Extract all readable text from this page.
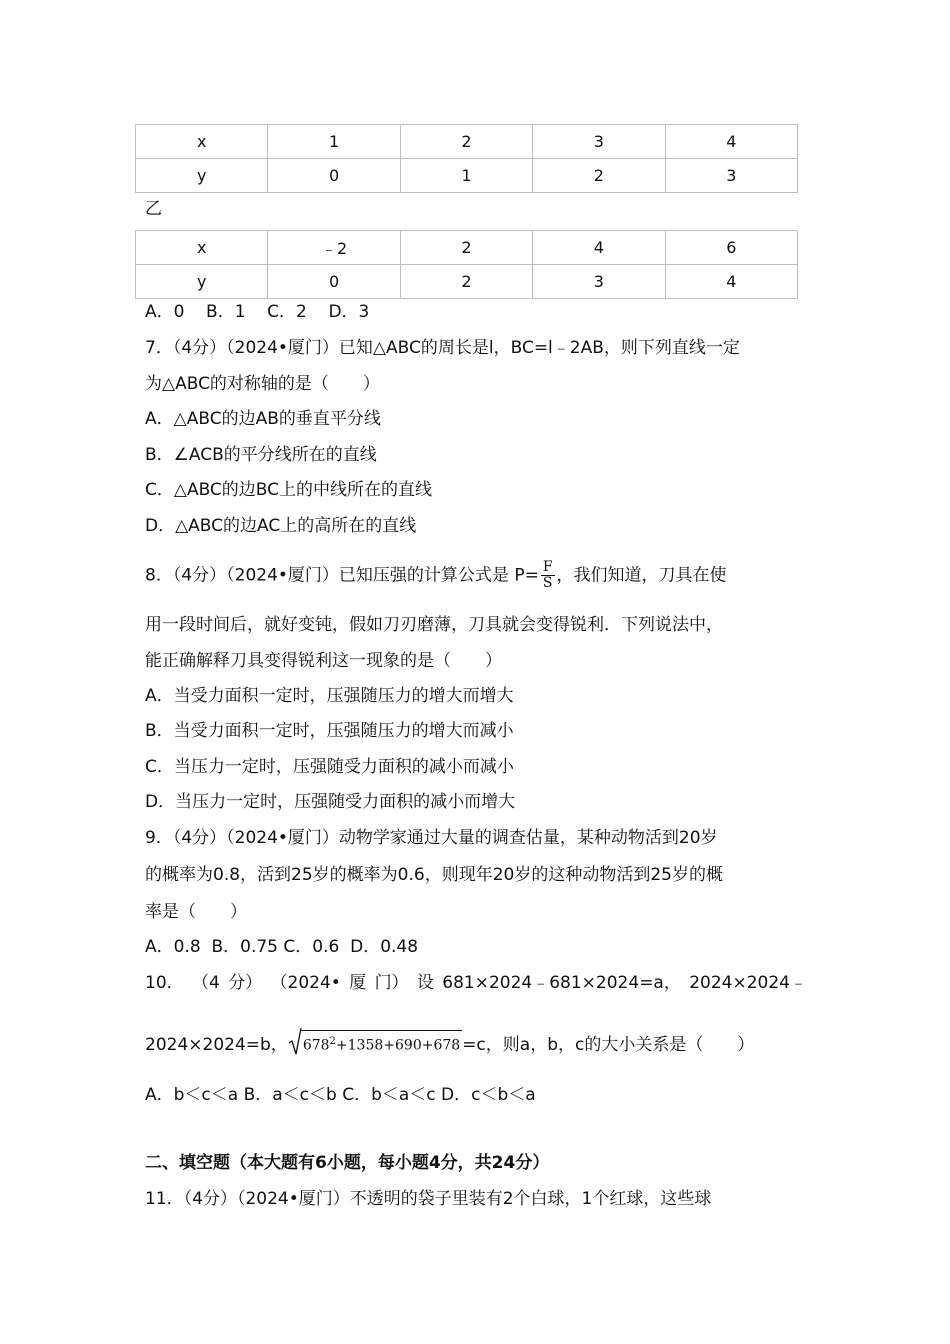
x	1	2	3	4
y	0	1	2	3
乙
x	﹣2	2	4	6
y	0	2	3	4
A．0    B．1    C．2    D．3
7．（4分）（2024•厦门）已知△ABC的周长是l，BC=l﹣2AB，则下列直线一定
为△ABC的对称轴的是（　　）
A．△ABC的边AB的垂直平分线
B．∠ACB的平分线所在的直线
C．△ABC的边BC上的中线所在的直线
D．△ABC的边AC上的高所在的直线
8．（4分）（2024•厦门）已知压强的计算公式是 $P= \frac{F}{S}$ ，我们知道，刀具在使
用一段时间后，就好变钝，假如刀刃磨薄，刀具就会变得锐利．下列说法中，
能正确解释刀具变得锐利这一现象的是（　　）
A．当受力面积一定时，压强随压力的增大而增大
B．当受力面积一定时，压强随压力的增大而减小
C．当压力一定时，压强随受力面积的减小而减小
D．当压力一定时，压强随受力面积的减小而增大
9．（4分）（2024•厦门）动物学家通过大量的调查估量，某种动物活到20岁
的概率为0.8，活到25岁的概率为0.6，则现年20岁的这种动物活到25岁的概
率是（　　）
A．0.8  B．0.75 C．0.6  D．0.48
10． （4 分） （2024• 厦 门） 设 681×2024﹣681×2024=a， 2024×2024﹣
2024×2024=b， $678^2+1358+690+678 =c$，则a，b，c的大小关系是（　　）
A．b＜c＜a B．a＜c＜b C．b＜a＜c D．c＜b＜a
二、填空题（本大题有6小题，每小题4分，共24分）
11．（4分）（2024•厦门）不透明的袋子里装有2个白球，1个红球，这些球
